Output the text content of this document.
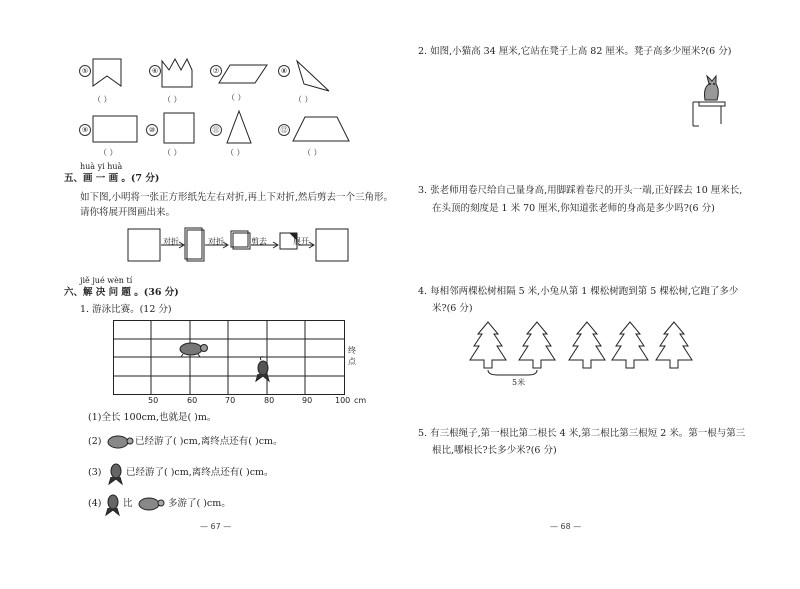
⑤
（ ）
⑥
（ ）
⑦
（ ）
⑧
（ ）
⑨
（ ）
⑩
（ ）
⑪
（ ）
⑫
（ ）
huà yi huà
五、画 一 画 。(7 分)
如下图,小明将一张正方形纸先左右对折,再上下对折,然后剪去一个三角形。
请你将展开图画出来。
对折	对折	剪去	展开
jiě jué wèn tí
六、解 决 问 题 。(36 分)
1. 游泳比赛。(12 分)
50	60	70	80	90	100 cm
终
点
(1)全长 100cm,也就是( )m。
(2)	已经游了( )cm,离终点还有( )cm。
(3)	已经游了( )cm,离终点还有( )cm。
(4) 比	多游了( )cm。
— 67 —
2. 如图,小猫高 34 厘米,它站在凳子上高 82 厘米。凳子高多少厘米?(6 分)
3. 张老师用卷尺给自己量身高,用脚踩着卷尺的开头一端,正好踩去 10 厘米长,
在头顶的刻度是 1 米 70 厘米,你知道张老师的身高是多少吗?(6 分)
4. 每相邻两棵松树相隔 5 米,小兔从第 1 棵松树跑到第 5 棵松树,它跑了多少
米?(6 分)
5米
5. 有三根绳子,第一根比第二根长 4 米,第二根比第三根短 2 米。第一根与第三
根比,哪根长?长多少米?(6 分)
— 68 —
